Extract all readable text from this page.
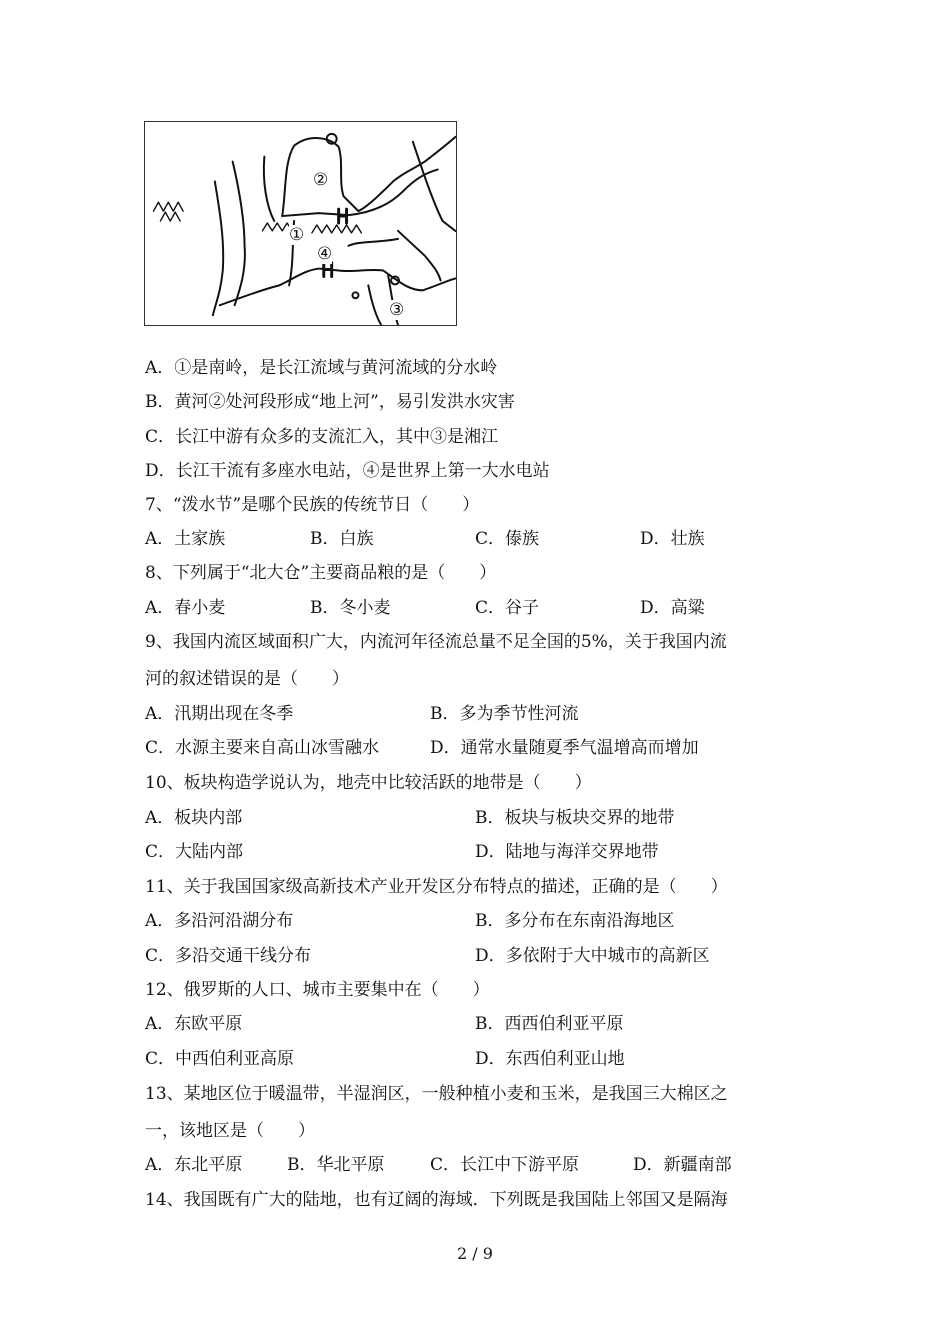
②
①
④
③
A．①是南岭，是长江流域与黄河流域的分水岭
B．黄河②处河段形成“地上河”，易引发洪水灾害
C．长江中游有众多的支流汇入，其中③是湘江
D．长江干流有多座水电站，④是世界上第一大水电站
7、“泼水节”是哪个民族的传统节日（　　）
A．土家族	B．白族	C．傣族	D．壮族
8、下列属于“北大仓”主要商品粮的是（　　）
A．春小麦	B．冬小麦	C．谷子	D．高粱
9、我国内流区域面积广大，内流河年径流总量不足全国的5%，关于我国内流
河的叙述错误的是（　　）
A．汛期出现在冬季	B．多为季节性河流
C．水源主要来自高山冰雪融水	D．通常水量随夏季气温增高而增加
10、板块构造学说认为，地壳中比较活跃的地带是（　　）
A．板块内部	B．板块与板块交界的地带
C．大陆内部	D．陆地与海洋交界地带
11、关于我国国家级高新技术产业开发区分布特点的描述，正确的是（　　）
A．多沿河沿湖分布	B．多分布在东南沿海地区
C．多沿交通干线分布	D．多依附于大中城市的高新区
12、俄罗斯的人口、城市主要集中在（　　）
A．东欧平原	B．西西伯利亚平原
C．中西伯利亚高原	D．东西伯利亚山地
13、某地区位于暖温带，半湿润区，一般种植小麦和玉米，是我国三大棉区之
一，该地区是（　　）
A．东北平原	B．华北平原	C．长江中下游平原	D．新疆南部
14、我国既有广大的陆地，也有辽阔的海域．下列既是我国陆上邻国又是隔海
2 / 9
